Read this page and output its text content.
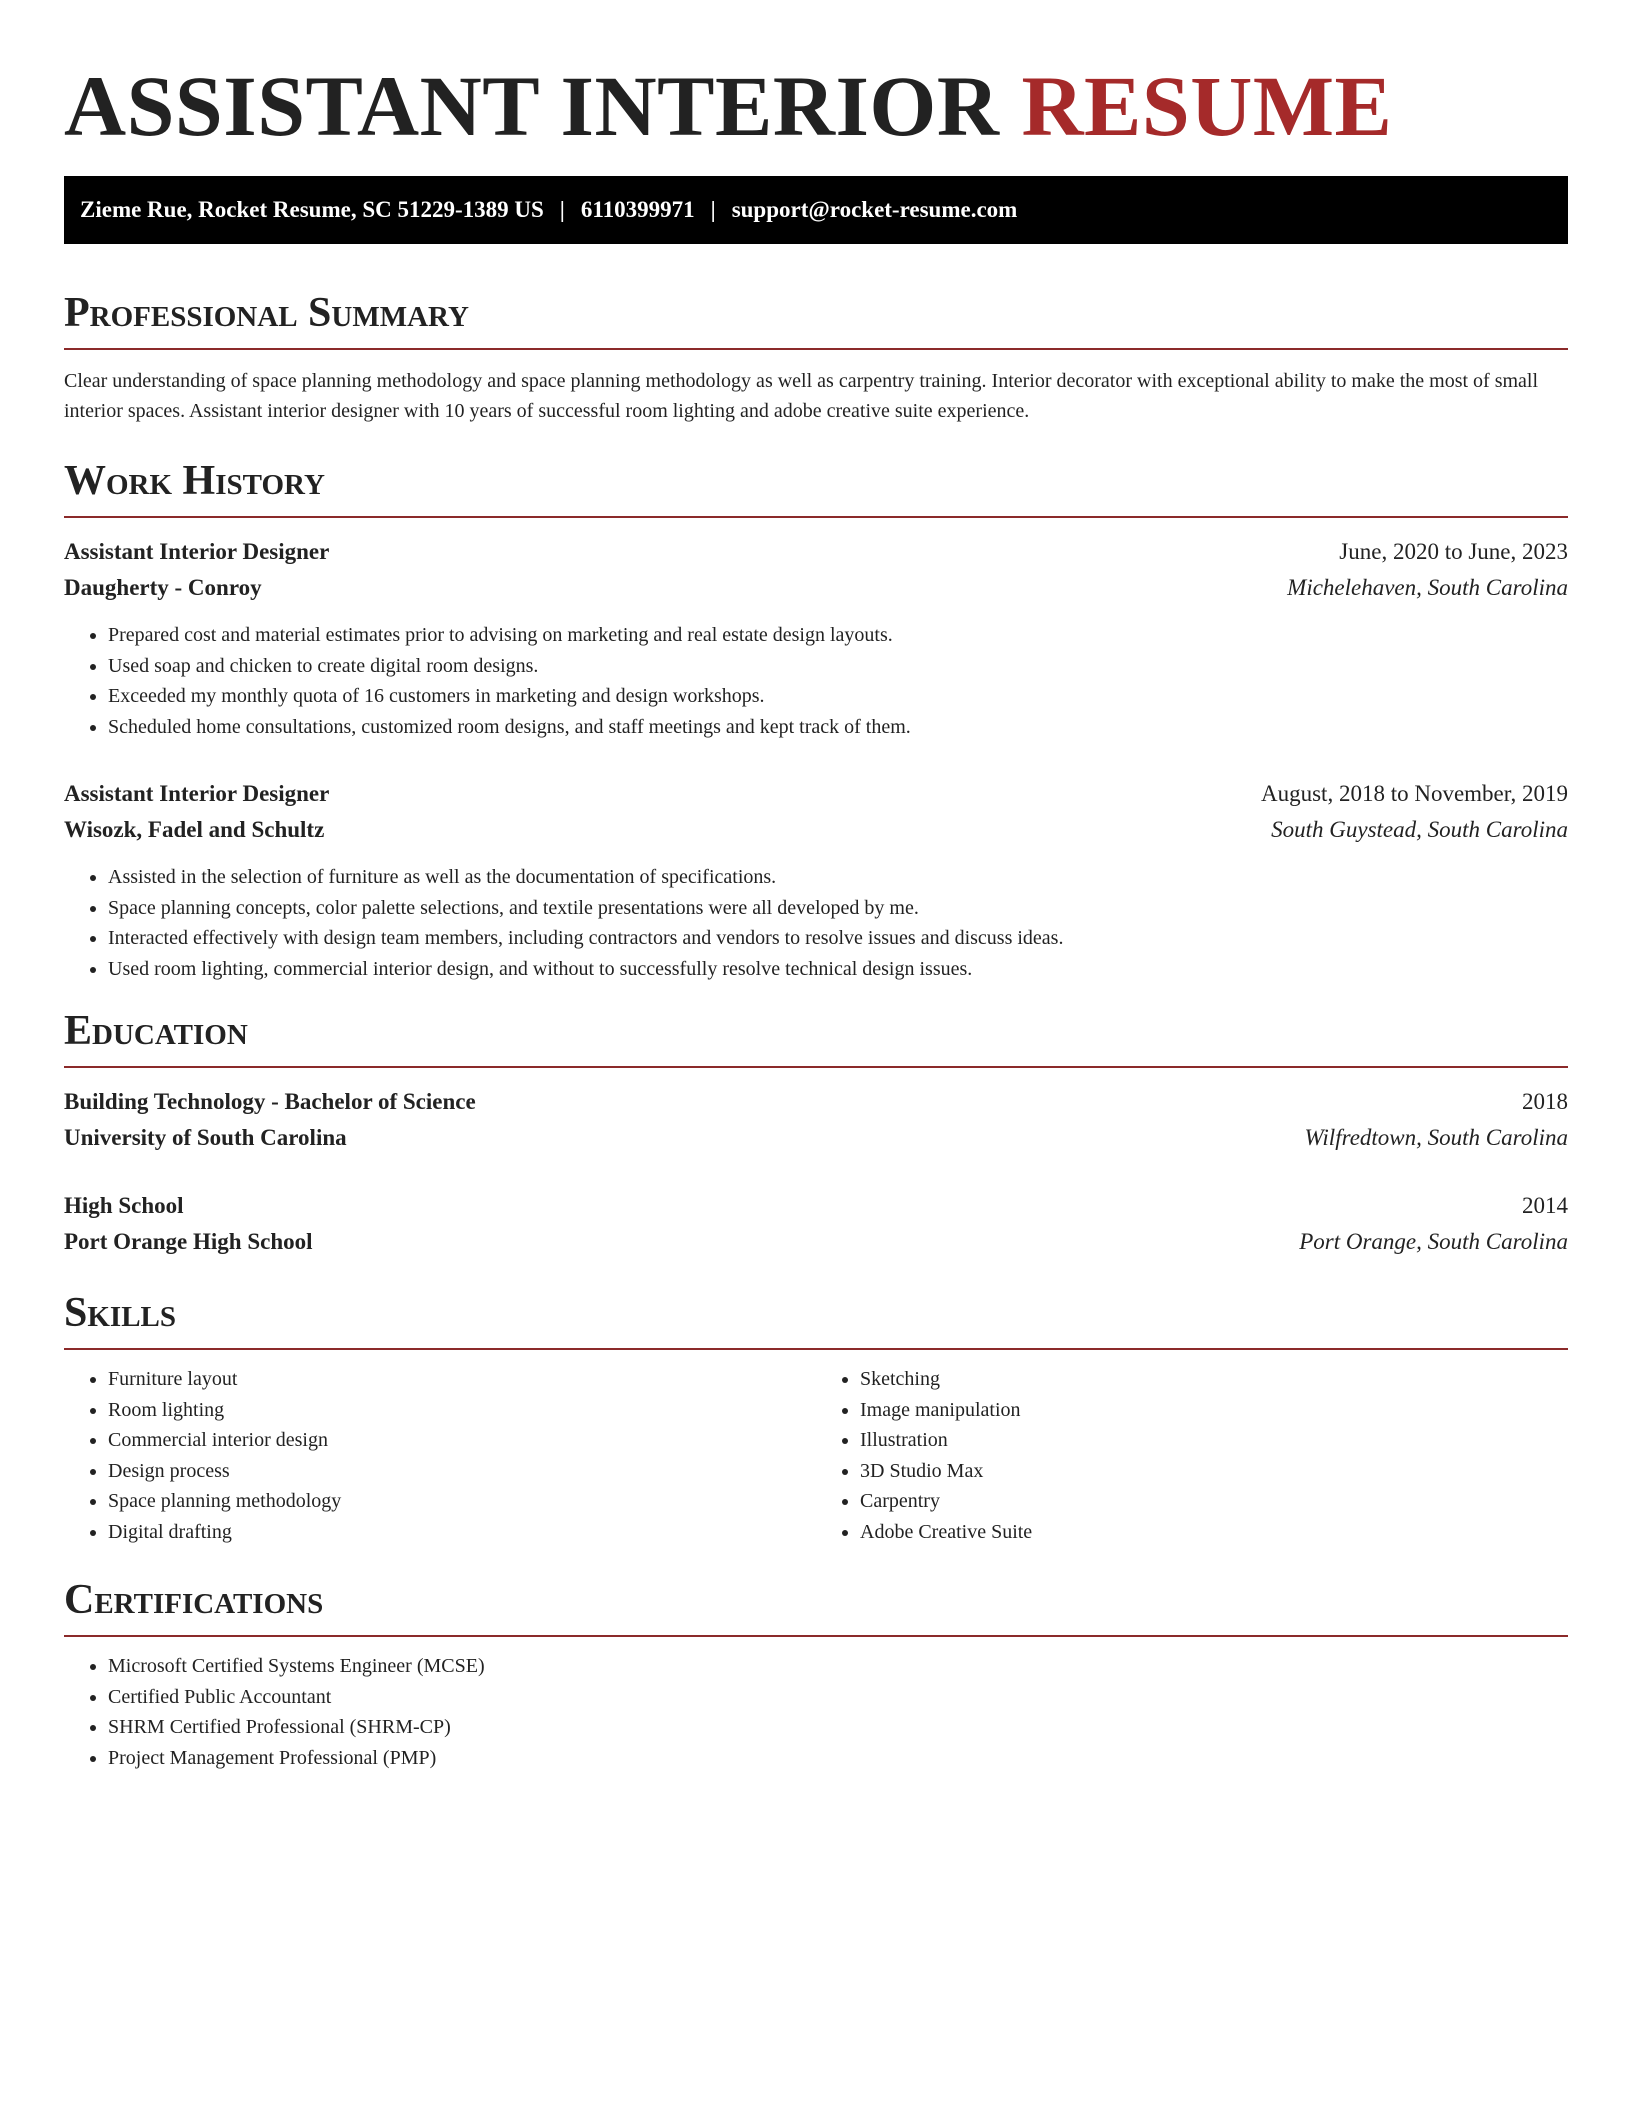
ASSISTANT INTERIOR RESUME
Zieme Rue, Rocket Resume, SC 51229-1389 US | 6110399971 | support@rocket-resume.com
Professional Summary

Clear understanding of space planning methodology and space planning methodology as well as carpentry training. Interior decorator with exceptional ability to make the most of small interior spaces. Assistant interior designer with 10 years of successful room lighting and adobe creative suite experience.

Work History
Assistant Interior Designer	June, 2020 to June, 2023
Daugherty - Conroy	Michelehaven, South Carolina
• Prepared cost and material estimates prior to advising on marketing and real estate design layouts.
• Used soap and chicken to create digital room designs.
• Exceeded my monthly quota of 16 customers in marketing and design workshops.
• Scheduled home consultations, customized room designs, and staff meetings and kept track of them.
Assistant Interior Designer	August, 2018 to November, 2019
Wisozk, Fadel and Schultz	South Guystead, South Carolina
• Assisted in the selection of furniture as well as the documentation of specifications.
• Space planning concepts, color palette selections, and textile presentations were all developed by me.
• Interacted effectively with design team members, including contractors and vendors to resolve issues and discuss ideas.
• Used room lighting, commercial interior design, and without to successfully resolve technical design issues.
Education
Building Technology - Bachelor of Science	2018
University of South Carolina	Wilfredtown, South Carolina
High School	2014
Port Orange High School	Port Orange, South Carolina
Skills
• Furniture layout
• Room lighting
• Commercial interior design
• Design process
• Space planning methodology
• Digital drafting
• Sketching
• Image manipulation
• Illustration
• 3D Studio Max
• Carpentry
• Adobe Creative Suite
Certifications
• Microsoft Certified Systems Engineer (MCSE)
• Certified Public Accountant
• SHRM Certified Professional (SHRM-CP)
• Project Management Professional (PMP)
